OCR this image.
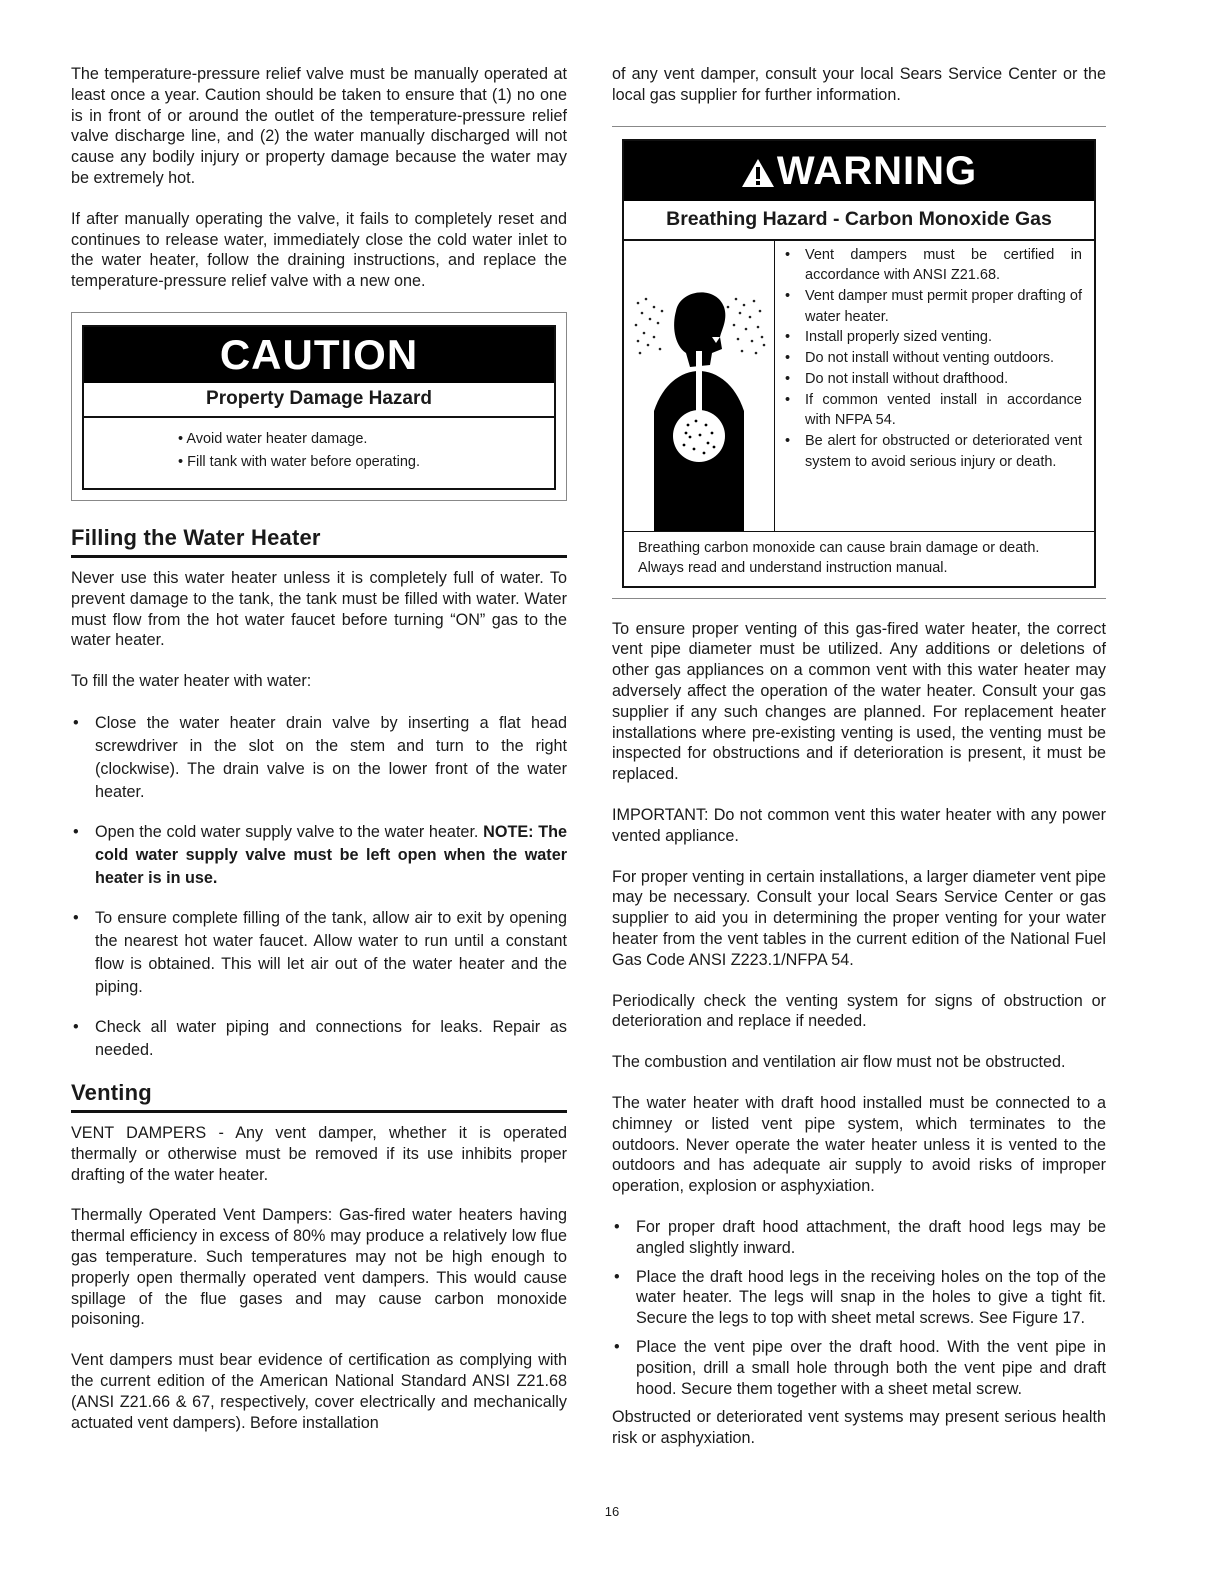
The temperature-pressure relief valve must be manually operated at least once a year. Caution should be taken to ensure that (1) no one is in front of or around the outlet of the temperature-pressure relief valve discharge line, and (2) the water manually discharged will not cause any bodily injury or property damage because the water may be extremely hot.

If after manually operating the valve, it fails to completely reset and continues to release water, immediately close the cold water inlet to the water heater, follow the draining instructions, and replace the temperature-pressure relief valve with a new one.

CAUTION
Property Damage Hazard
• Avoid water heater damage.
• Fill tank with water before operating.
Filling the Water Heater

Never use this water heater unless it is completely full of water. To prevent damage to the tank, the tank must be filled with water. Water must flow from the hot water faucet before turning “ON” gas to the water heater.

To fill the water heater with water:

• Close the water heater drain valve by inserting a flat head screwdriver in the slot on the stem and turn to the right (clockwise). The drain valve is on the lower front of the water heater.
• Open the cold water supply valve to the water heater. NOTE: The cold water supply valve must be left open when the water heater is in use.
• To ensure complete filling of the tank, allow air to exit by opening the nearest hot water faucet. Allow water to run until a constant flow is obtained. This will let air out of the water heater and the piping.
• Check all water piping and connections for leaks. Repair as needed.
Venting

VENT DAMPERS - Any vent damper, whether it is operated thermally or otherwise must be removed if its use inhibits proper drafting of the water heater.

Thermally Operated Vent Dampers: Gas-fired water heaters having thermal efficiency in excess of 80% may produce a relatively low flue gas temperature. Such temperatures may not be high enough to properly open thermally operated vent dampers. This would cause spillage of the flue gases and may cause carbon monoxide poisoning.

Vent dampers must bear evidence of certification as complying with the current edition of the American National Standard ANSI Z21.68 (ANSI Z21.66 & 67, respectively, cover electrically and mechanically actuated vent dampers). Before installation

of any vent damper, consult your local Sears Service Center or the local gas supplier for further information.

WARNING
Breathing Hazard - Carbon Monoxide Gas
• Vent dampers must be certified in accordance with ANSI Z21.68.
• Vent damper must permit proper drafting of water heater.
• Install properly sized venting.
• Do not install without venting outdoors.
• Do not install without drafthood.
• If common vented install in accordance with NFPA 54.
• Be alert for obstructed or deteriorated vent system to avoid serious injury or death.
Breathing carbon monoxide can cause brain damage or death. Always read and understand instruction manual.

To ensure proper venting of this gas-fired water heater, the correct vent pipe diameter must be utilized. Any additions or deletions of other gas appliances on a common vent with this water heater may adversely affect the operation of the water heater. Consult your gas supplier if any such changes are planned. For replacement heater installations where pre-existing venting is used, the venting must be inspected for obstructions and if deterioration is present, it must be replaced.

IMPORTANT: Do not common vent this water heater with any power vented appliance.

For proper venting in certain installations, a larger diameter vent pipe may be necessary. Consult your local Sears Service Center or gas supplier to aid you in determining the proper venting for your water heater from the vent tables in the current edition of the National Fuel Gas Code ANSI Z223.1/NFPA 54.

Periodically check the venting system for signs of obstruction or deterioration and replace if needed.

The combustion and ventilation air flow must not be obstructed.

The water heater with draft hood installed must be connected to a chimney or listed vent pipe system, which terminates to the outdoors. Never operate the water heater unless it is vented to the outdoors and has adequate air supply to avoid risks of improper operation, explosion or asphyxiation.

• For proper draft hood attachment, the draft hood legs may be angled slightly inward.
• Place the draft hood legs in the receiving holes on the top of the water heater. The legs will snap in the holes to give a tight fit. Secure the legs to top with sheet metal screws. See Figure 17.
• Place the vent pipe over the draft hood. With the vent pipe in position, drill a small hole through both the vent pipe and draft hood. Secure them together with a sheet metal screw.

Obstructed or deteriorated vent systems may present serious health risk or asphyxiation.

16
